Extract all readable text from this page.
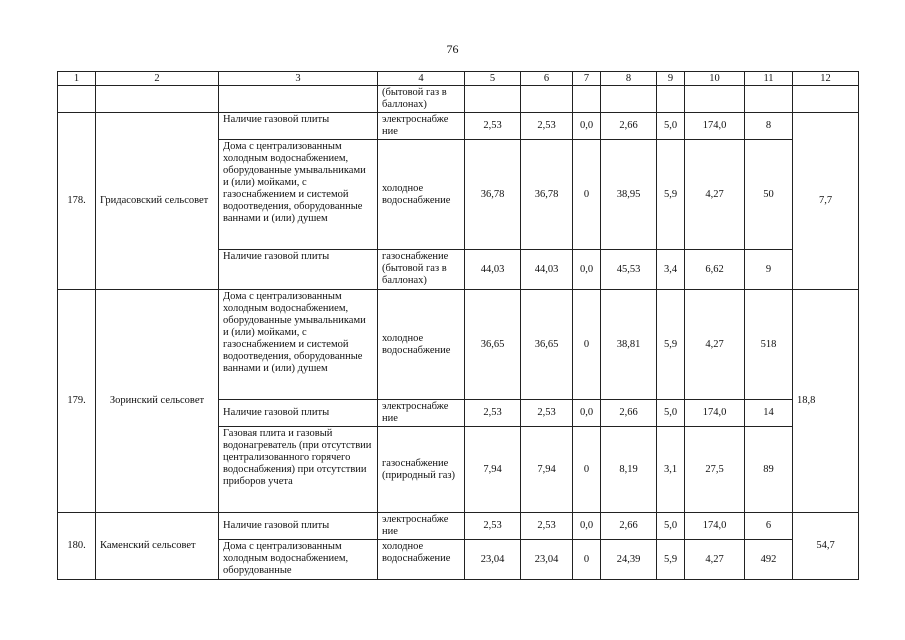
76
1	2	3	4	5	6	7	8	9	10	11	12
			(бытовой газ в баллонах)								
178.	Гридасовский сельсовет	Наличие газовой плиты	электроснабже ние	2,53	2,53	0,0	2,66	5,0	174,0	8	7,7
		Дома с централизованным холодным водоснабжением, оборудованные умывальниками и (или) мойками, с газоснабжением и системой водоотведения, оборудованные ваннами и (или) душем	холодное водоснабжение	36,78	36,78	0	38,95	5,9	4,27	50	
		Наличие газовой плиты	газоснабжение (бытовой газ в баллонах)	44,03	44,03	0,0	45,53	3,4	6,62	9	
179.	Зоринский сельсовет	Дома с централизованным холодным водоснабжением, оборудованные умывальниками и (или) мойками, с газоснабжением и системой водоотведения, оборудованные ваннами и (или) душем	холодное водоснабжение	36,65	36,65	0	38,81	5,9	4,27	518	18,8
		Наличие газовой плиты	электроснабже ние	2,53	2,53	0,0	2,66	5,0	174,0	14	
		Газовая плита и газовый водонагреватель (при отсутствии централизованного горячего водоснабжения) при отсутствии приборов учета	газоснабжение (природный газ)	7,94	7,94	0	8,19	3,1	27,5	89	
180.	Каменский сельсовет	Наличие газовой плиты	электроснабже ние	2,53	2,53	0,0	2,66	5,0	174,0	6	54,7
		Дома с централизованным холодным водоснабжением, оборудованные	холодное водоснабжение	23,04	23,04	0	24,39	5,9	4,27	492	
